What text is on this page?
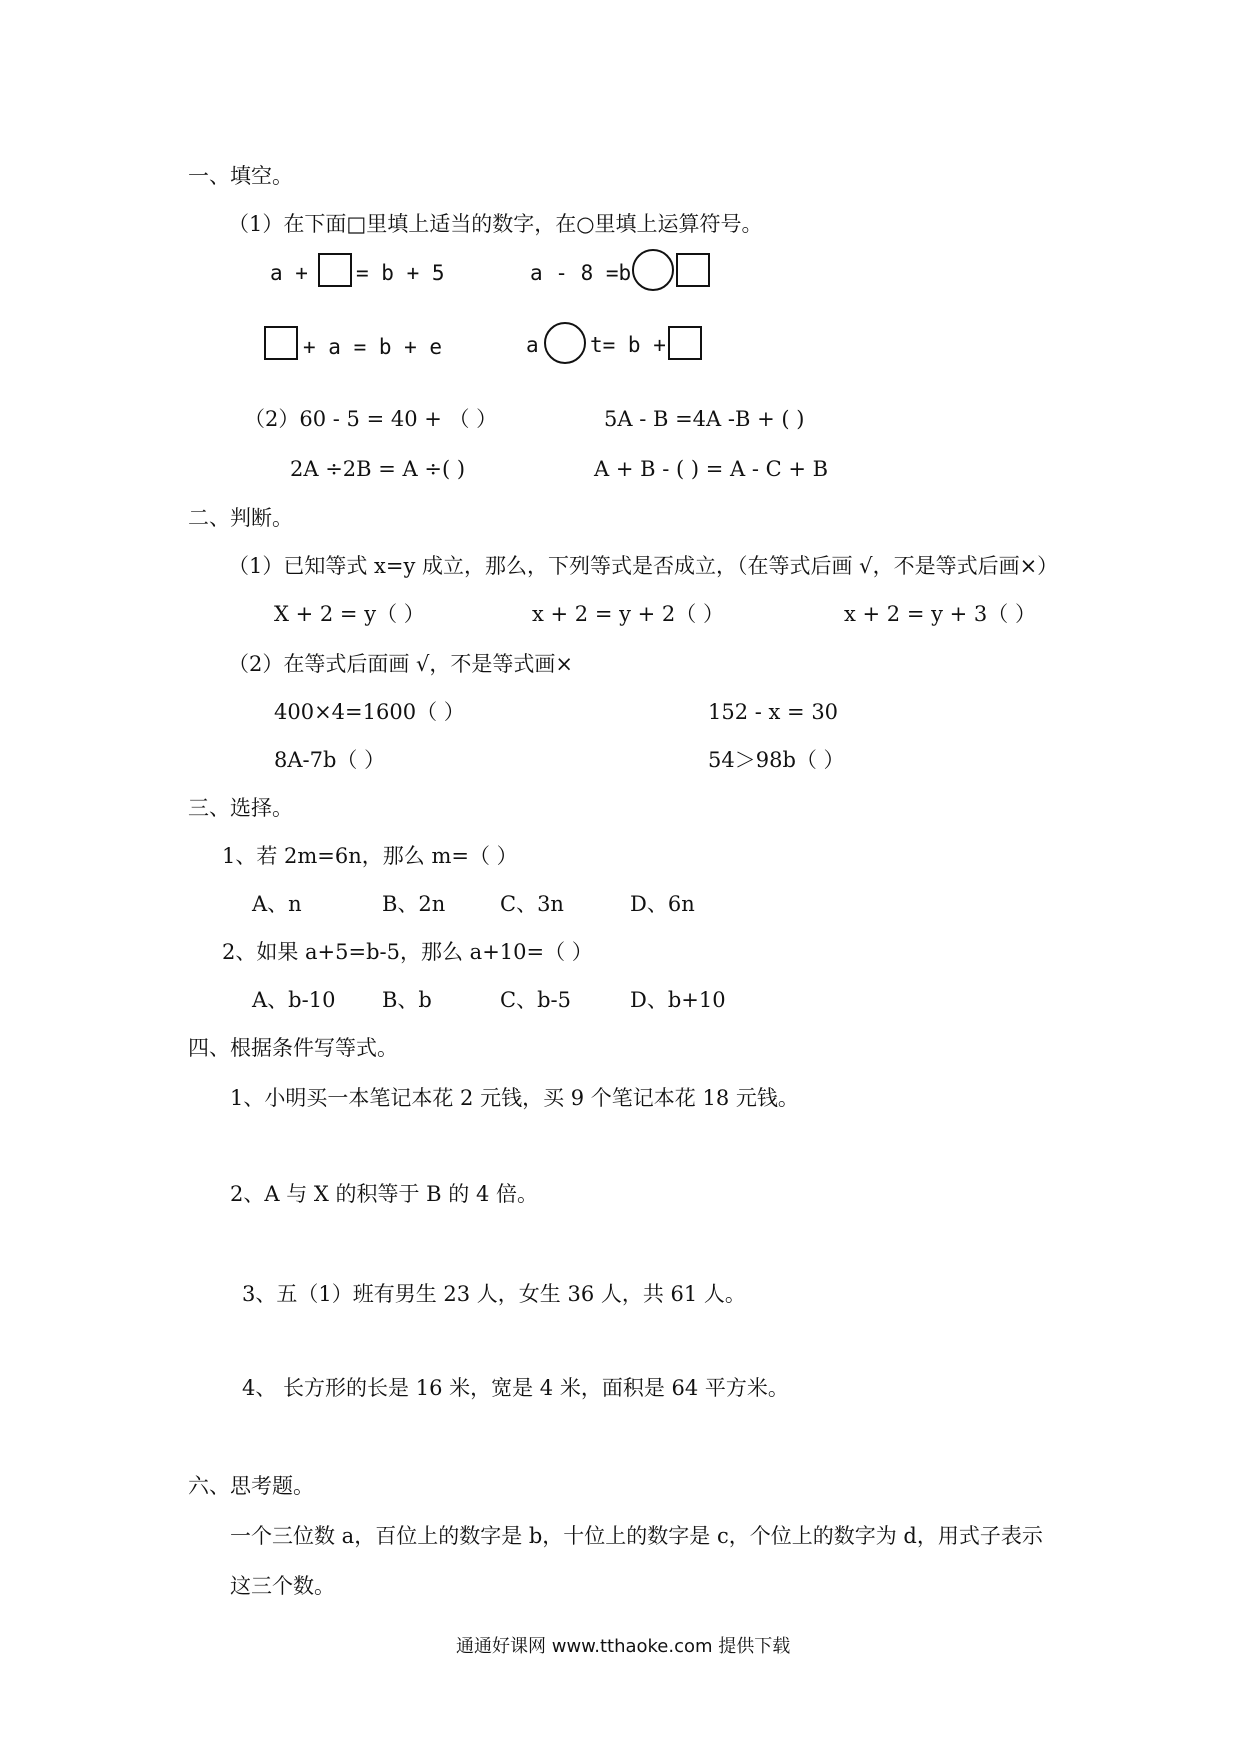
一、填空。
（1）在下面□里填上适当的数字，在○里填上运算符号。
a + = b + 5	a - 8 =b
+ a = b + e	a t= b +
（2）60 - 5 = 40 + （ ）	5A - B =4A -B + ( )
2A ÷2B = A ÷( )	A + B - ( ) = A - C + B
二、判断。
（1）已知等式 x=y 成立，那么，下列等式是否成立，（在等式后画 √，不是等式后画×）
X + 2 = y（ ）	x + 2 = y + 2（ ）	x + 2 = y + 3（ ）
（2）在等式后面画 √，不是等式画×
400×4=1600（ ）	152 - x = 30
8A-7b（ ）	54＞98b（ ）
三、选择。
1、若 2m=6n，那么 m=（ ）
A、n	B、2n	C、3n	D、6n
2、如果 a+5=b-5，那么 a+10=（ ）
A、b-10 B、b	C、b-5	D、b+10
四、根据条件写等式。
1、小明买一本笔记本花 2 元钱，买 9 个笔记本花 18 元钱。
2、A 与 X 的积等于 B 的 4 倍。
3、五（1）班有男生 23 人，女生 36 人，共 61 人。
4、 长方形的长是 16 米，宽是 4 米，面积是 64 平方米。
六、思考题。
一个三位数 a，百位上的数字是 b，十位上的数字是 c，个位上的数字为 d，用式子表示
这三个数。
通通好课网 www.tthaoke.com 提供下载
